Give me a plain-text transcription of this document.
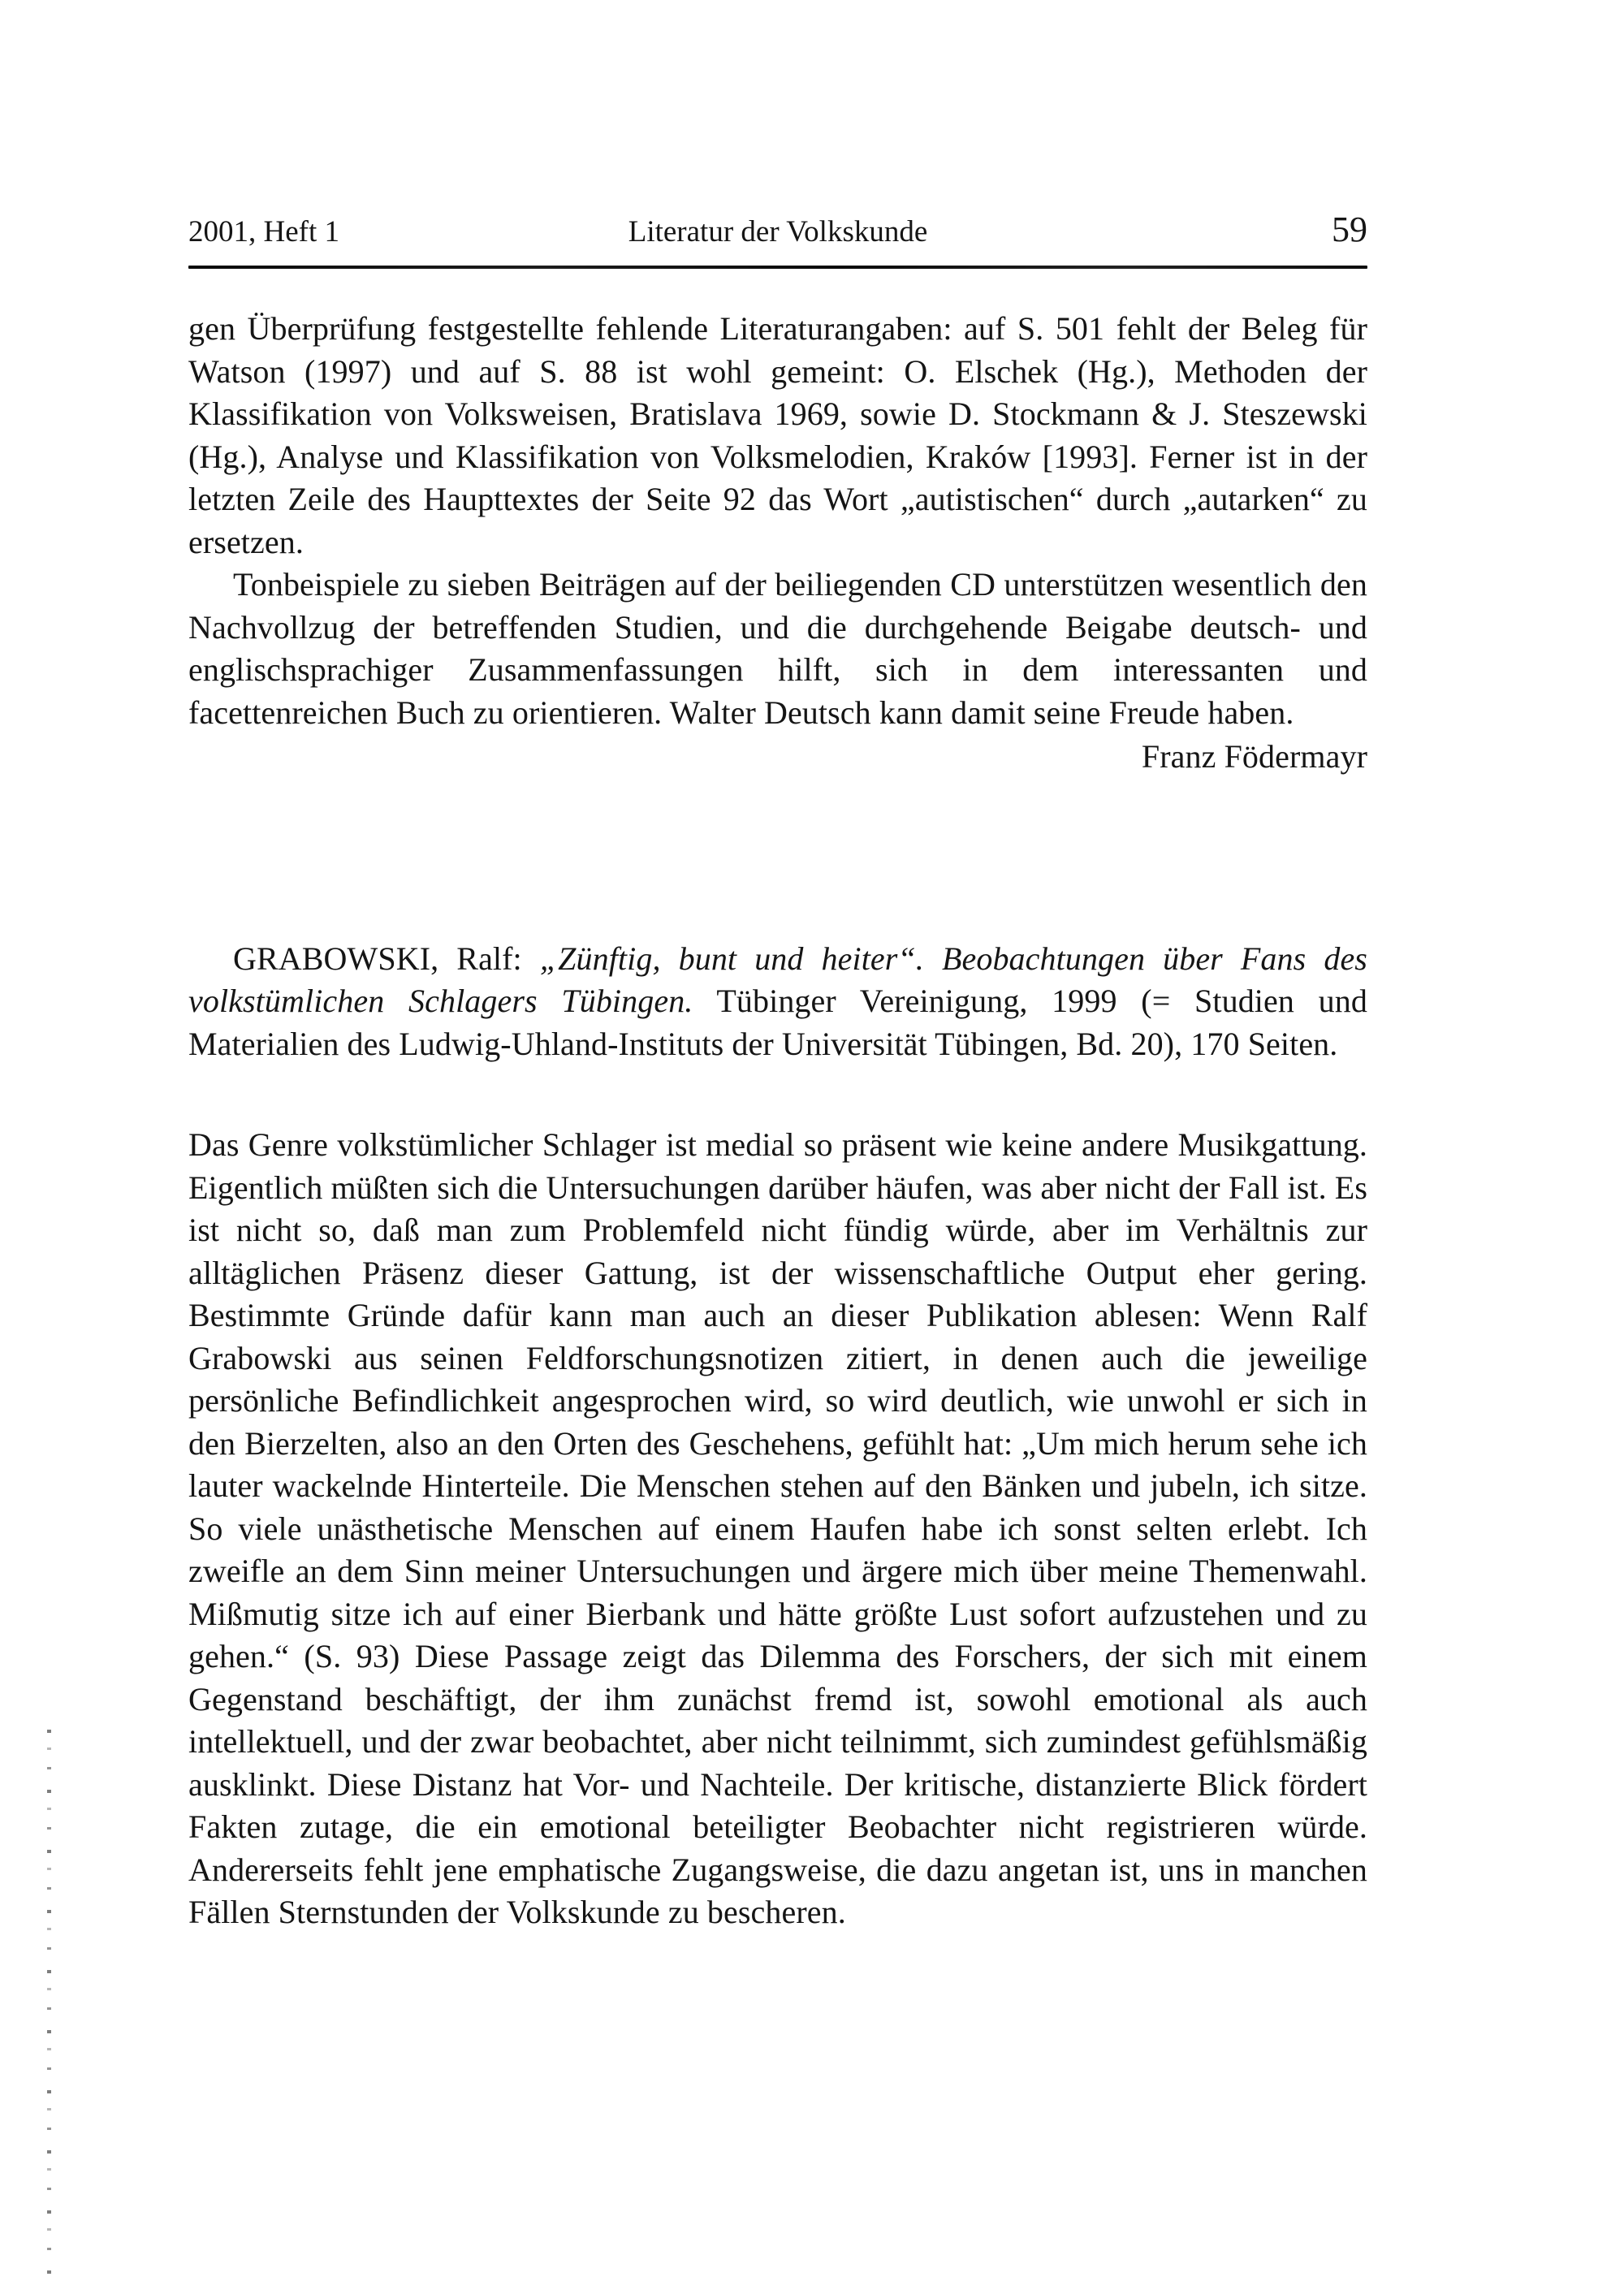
2001, Heft 1	Literatur der Volkskunde	59

gen Überprüfung festgestellte fehlende Literaturangaben: auf S. 501 fehlt der Beleg für Watson (1997) und auf S. 88 ist wohl gemeint: O. Elschek (Hg.), Methoden der Klassifikation von Volksweisen, Bratislava 1969, sowie D. Stockmann & J. Steszewski (Hg.), Analyse und Klassifikation von Volksmelodien, Kraków [1993]. Ferner ist in der letzten Zeile des Haupttextes der Seite 92 das Wort „autistischen“ durch „autarken“ zu ersetzen.

Tonbeispiele zu sieben Beiträgen auf der beiliegenden CD unterstützen wesentlich den Nachvollzug der betreffenden Studien, und die durchgehende Beigabe deutsch- und englischsprachiger Zusammenfassungen hilft, sich in dem interessanten und facettenreichen Buch zu orientieren. Walter Deutsch kann damit seine Freude haben.

Franz Födermayr

GRABOWSKI, Ralf: „Zünftig, bunt und heiter“. Beobachtungen über Fans des volkstümlichen Schlagers Tübingen. Tübinger Vereinigung, 1999 (= Studien und Materialien des Ludwig-Uhland-Instituts der Universität Tübingen, Bd. 20), 170 Seiten.

Das Genre volkstümlicher Schlager ist medial so präsent wie keine andere Musikgattung. Eigentlich müßten sich die Untersuchungen darüber häufen, was aber nicht der Fall ist. Es ist nicht so, daß man zum Problemfeld nicht fündig würde, aber im Verhältnis zur alltäglichen Präsenz dieser Gattung, ist der wissenschaftliche Output eher gering. Bestimmte Gründe dafür kann man auch an dieser Publikation ablesen: Wenn Ralf Grabowski aus seinen Feldforschungsnotizen zitiert, in denen auch die jeweilige persönliche Befindlichkeit angesprochen wird, so wird deutlich, wie unwohl er sich in den Bierzelten, also an den Orten des Geschehens, gefühlt hat: „Um mich herum sehe ich lauter wackelnde Hinterteile. Die Menschen stehen auf den Bänken und jubeln, ich sitze. So viele unästhetische Menschen auf einem Haufen habe ich sonst selten erlebt. Ich zweifle an dem Sinn meiner Untersuchungen und ärgere mich über meine Themenwahl. Mißmutig sitze ich auf einer Bierbank und hätte größte Lust sofort aufzustehen und zu gehen.“ (S. 93) Diese Passage zeigt das Dilemma des Forschers, der sich mit einem Gegenstand beschäftigt, der ihm zunächst fremd ist, sowohl emotional als auch intellektuell, und der zwar beobachtet, aber nicht teilnimmt, sich zumindest gefühlsmäßig ausklinkt. Diese Distanz hat Vor- und Nachteile. Der kritische, distanzierte Blick fördert Fakten zutage, die ein emotional beteiligter Beobachter nicht registrieren würde. Andererseits fehlt jene emphatische Zugangsweise, die dazu angetan ist, uns in manchen Fällen Sternstunden der Volkskunde zu bescheren.
